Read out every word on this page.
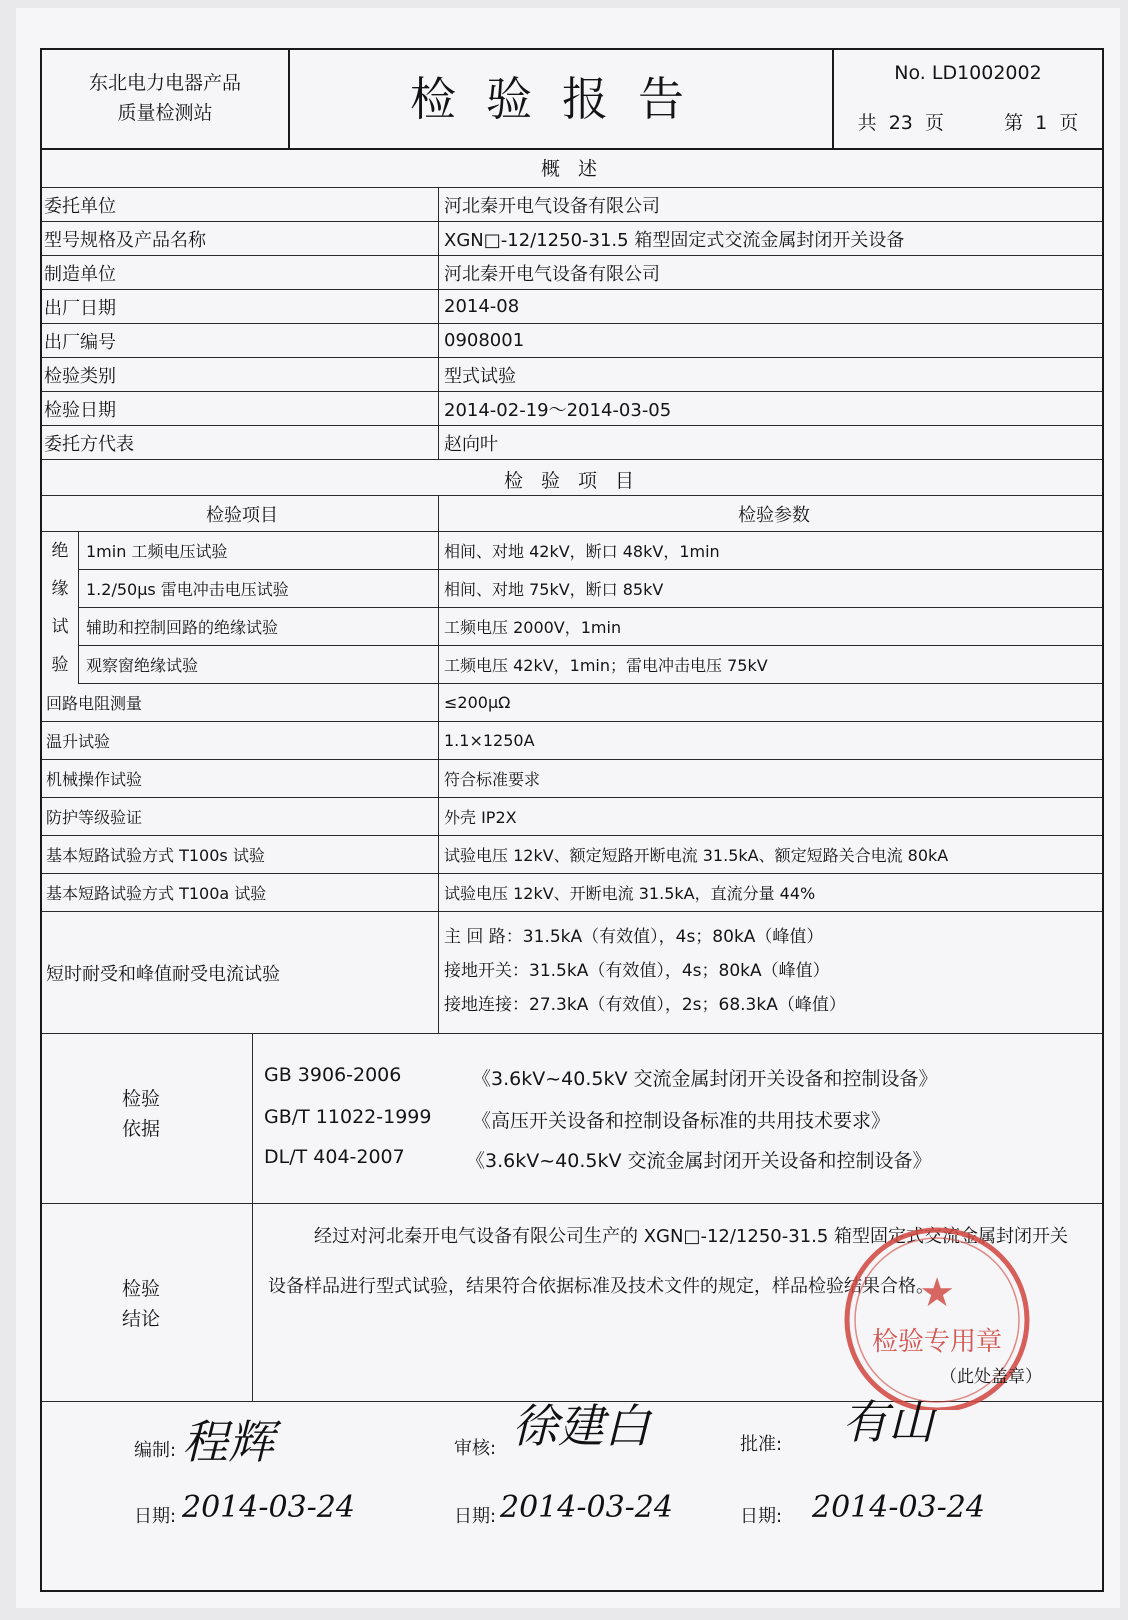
东北电力电器产品
质量检测站	检验报告	No. LD1002002
共 23 页	第 1 页
概 述
委托单位	河北秦开电气设备有限公司
型号规格及产品名称	XGN□-12/1250-31.5 箱型固定式交流金属封闭开关设备
制造单位	河北秦开电气设备有限公司
出厂日期	2014-08
出厂编号	0908001
检验类别	型式试验
检验日期	2014-02-19～2014-03-05
委托方代表	赵向叶
检 验 项 目
检验项目	检验参数
绝
缘
试
验
1min 工频电压试验	相间、对地 42kV，断口 48kV，1min
1.2/50μs 雷电冲击电压试验	相间、对地 75kV，断口 85kV
辅助和控制回路的绝缘试验	工频电压 2000V，1min
观察窗绝缘试验	工频电压 42kV，1min；雷电冲击电压 75kV
回路电阻测量	≤200μΩ
温升试验	1.1×1250A
机械操作试验	符合标准要求
防护等级验证	外壳 IP2X
基本短路试验方式 T100s 试验	试验电压 12kV、额定短路开断电流 31.5kA、额定短路关合电流 80kA
基本短路试验方式 T100a 试验	试验电压 12kV、开断电流 31.5kA，直流分量 44%
短时耐受和峰值耐受电流试验
主 回 路：31.5kA（有效值），4s；80kA（峰值）
接地开关：31.5kA（有效值），4s；80kA（峰值）
接地连接：27.3kA（有效值），2s；68.3kA（峰值）
检验
依据
GB 3906-2006	《3.6kV~40.5kV 交流金属封闭开关设备和控制设备》
GB/T 11022-1999 《高压开关设备和控制设备标准的共用技术要求》
DL/T 404-2007	《3.6kV~40.5kV 交流金属封闭开关设备和控制设备》
检验
结论
经过对河北秦开电气设备有限公司生产的 XGN□-12/1250-31.5 箱型固定式交流金属封闭开关设备样品进行型式试验，结果符合依据标准及技术文件的规定，样品检验结果合格。
检验专用章
★
（此处盖章）
编制: 程辉
日期: 2014-03-24
审核: 徐建白
日期: 2014-03-24
批准: 有山
日期: 2014-03-24
